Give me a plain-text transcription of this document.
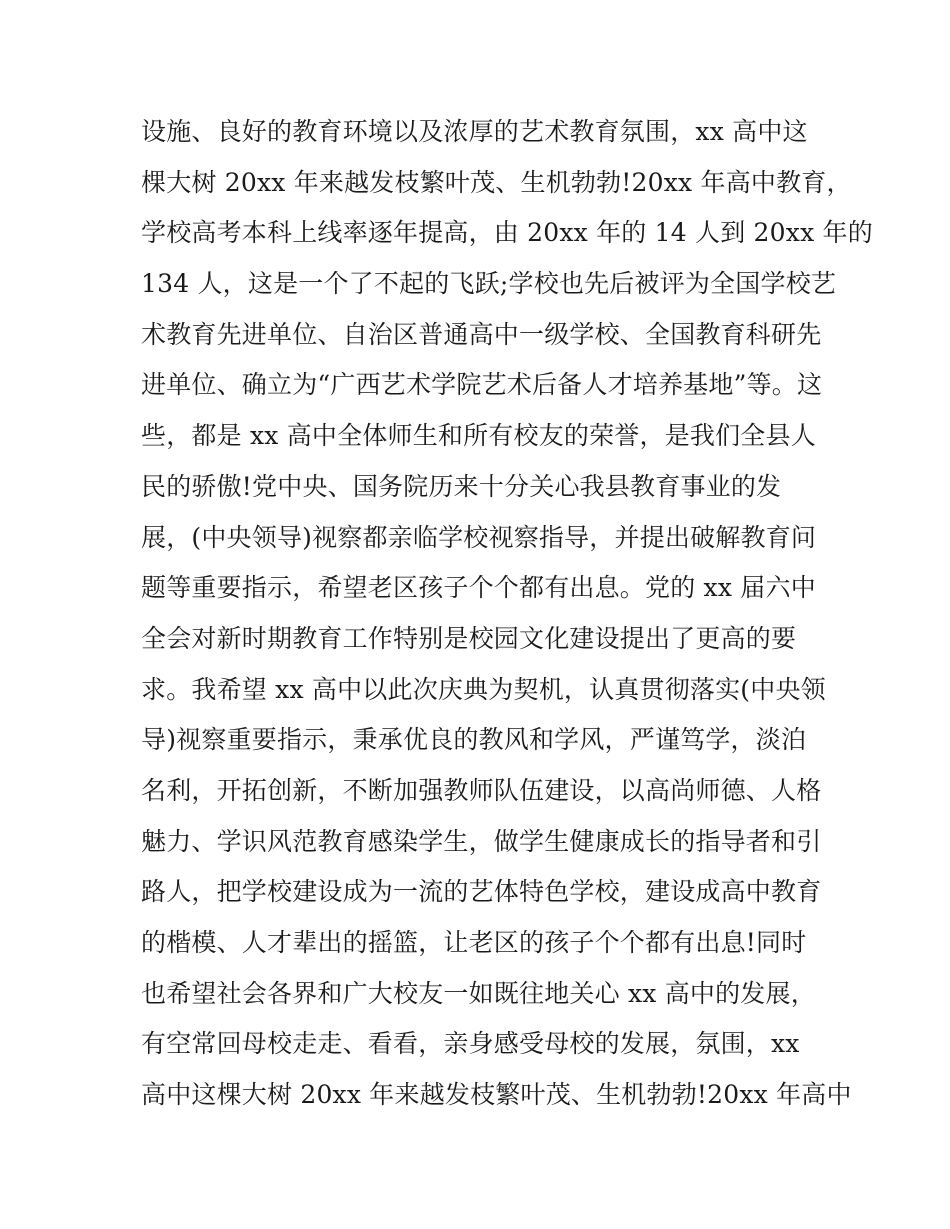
设施、良好的教育环境以及浓厚的艺术教育氛围，xx 高中这
棵大树 20xx 年来越发枝繁叶茂、生机勃勃!20xx 年高中教育，
学校高考本科上线率逐年提高，由 20xx 年的 14 人到 20xx 年的
134 人，这是一个了不起的飞跃;学校也先后被评为全国学校艺
术教育先进单位、自治区普通高中一级学校、全国教育科研先
进单位、确立为“广西艺术学院艺术后备人才培养基地”等。这
些，都是 xx 高中全体师生和所有校友的荣誉，是我们全县人
民的骄傲!党中央、国务院历来十分关心我县教育事业的发
展，(中央领导)视察都亲临学校视察指导，并提出破解教育问
题等重要指示，希望老区孩子个个都有出息。党的 xx 届六中
全会对新时期教育工作特别是校园文化建设提出了更高的要
求。我希望 xx 高中以此次庆典为契机，认真贯彻落实(中央领
导)视察重要指示，秉承优良的教风和学风，严谨笃学，淡泊
名利，开拓创新，不断加强教师队伍建设，以高尚师德、人格
魅力、学识风范教育感染学生，做学生健康成长的指导者和引
路人，把学校建设成为一流的艺体特色学校，建设成高中教育
的楷模、人才辈出的摇篮，让老区的孩子个个都有出息!同时
也希望社会各界和广大校友一如既往地关心 xx 高中的发展，
有空常回母校走走、看看，亲身感受母校的发展，氛围，xx
高中这棵大树 20xx 年来越发枝繁叶茂、生机勃勃!20xx 年高中
